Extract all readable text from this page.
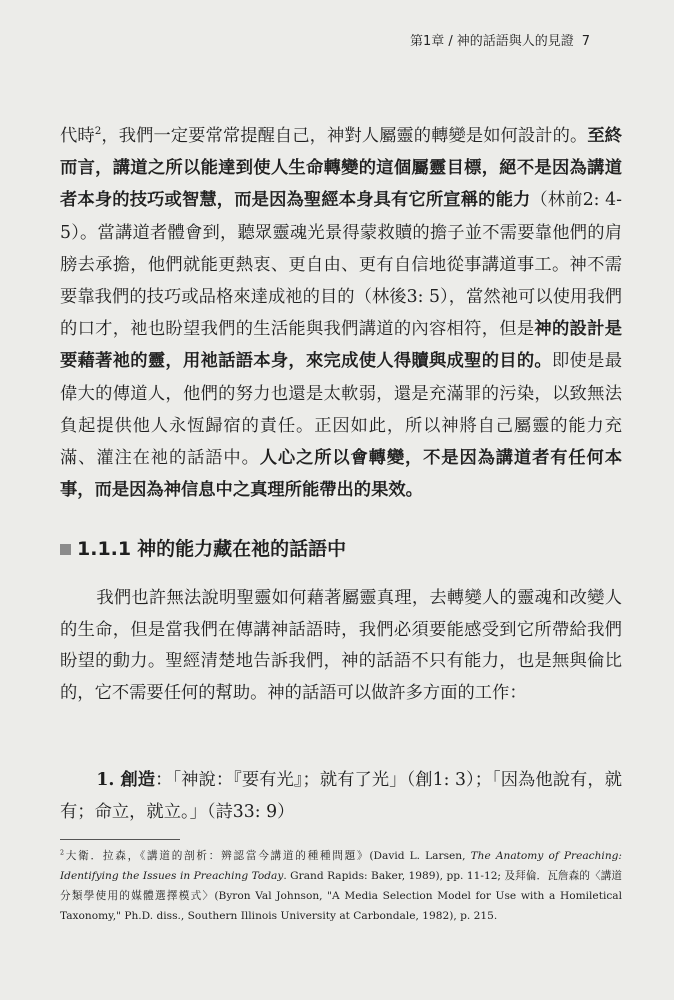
第1章 / 神的話語與人的見證 7
代時$^2$，我們一定要常常提醒自己，神對人屬靈的轉變是如何設計的。至終而言，講道之所以能達到使人生命轉變的這個屬靈目標，絕不是因為講道者本身的技巧或智慧，而是因為聖經本身具有它所宣稱的能力（林前2: 4-5）。當講道者體會到，聽眾靈魂光景得蒙救贖的擔子並不需要靠他們的肩膀去承擔，他們就能更熱衷、更自由、更有自信地從事講道事工。神不需要靠我們的技巧或品格來達成祂的目的（林後3: 5），當然祂可以使用我們的口才，祂也盼望我們的生活能與我們講道的內容相符，但是神的設計是要藉著祂的靈，用祂話語本身，來完成使人得贖與成聖的目的。即使是最偉大的傳道人，他們的努力也還是太軟弱，還是充滿罪的污染，以致無法負起提供他人永恆歸宿的責任。正因如此，所以神將自己屬靈的能力充滿、灌注在祂的話語中。人心之所以會轉變，不是因為講道者有任何本事，而是因為神信息中之真理所能帶出的果效。
1.1.1 神的能力藏在祂的話語中
我們也許無法說明聖靈如何藉著屬靈真理，去轉變人的靈魂和改變人的生命，但是當我們在傳講神話語時，我們必須要能感受到它所帶給我們盼望的動力。聖經清楚地告訴我們，神的話語不只有能力，也是無與倫比的，它不需要任何的幫助。神的話語可以做許多方面的工作：
1. 創造：「神說：『要有光』；就有了光」（創1: 3）；「因為他說有，就有；命立，就立。」（詩33: 9）
$^2$大衛．拉森，《講道的剖析：辨認當今講道的種種問題》(David L. Larsen, The Anatomy of Preaching: Identifying the Issues in Preaching Today. Grand Rapids: Baker, 1989), pp. 11-12; 及拜倫．瓦詹森的〈講道分類學使用的媒體選擇模式〉(Byron Val Johnson, "A Media Selection Model for Use with a Homiletical Taxonomy," Ph.D. diss., Southern Illinois University at Carbondale, 1982), p. 215.
